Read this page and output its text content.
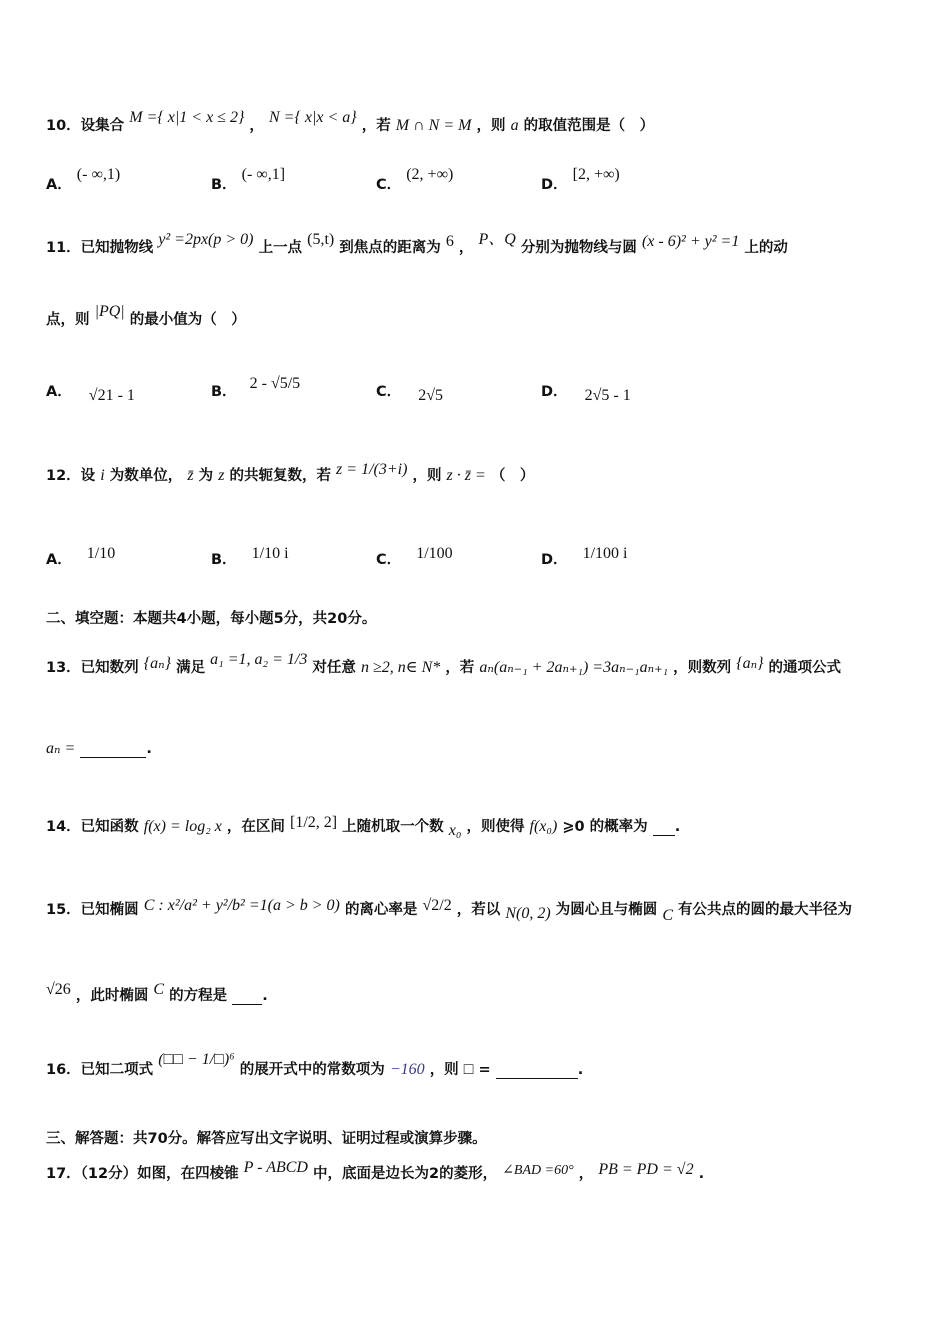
10．设集合 M ={ x|1 < x ≤ 2} ， N ={ x|x < a} ，若 M ∩ N = M ，则 a 的取值范围是（　）
A． (- ∞,1)
B． (- ∞,1]
C． (2, +∞)
D． [2, +∞)
11．已知抛物线 y² =2px(p > 0) 上一点 (5,t) 到焦点的距离为 6 ， P、Q 分别为抛物线与圆 (x - 6)² + y² =1 上的动
点，则 |PQ| 的最小值为（　）
A． √21 - 1	B． 2 - √5/5	C． 2√5	D． 2√5 - 1
12．设 i 为数单位， z̄ 为 z 的共轭复数，若 z = 1/(3+i) ，则 z · z̄ = （　）
A． 1/10	B． 1/10 i	C． 1/100	D． 1/100 i
二、填空题：本题共4小题，每小题5分，共20分。
13．已知数列 {aₙ} 满足 a₁ =1, a₂ = 1/3 对任意 n ≥2, n∈ N* ，若 aₙ(aₙ₋₁ + 2aₙ₊₁) =3aₙ₋₁aₙ₊₁ ，则数列 {aₙ} 的通项公式
aₙ =	.
14．已知函数 f(x) = log₂ x ，在区间 [1/2, 2] 上随机取一个数 x₀ ，则使得 f(x₀) ⩾0 的概率为 .
15．已知椭圆 C : x²/a² + y²/b² =1(a > b > 0) 的离心率是 √2/2 ，若以 N(0, 2) 为圆心且与椭圆 C 有公共点的圆的最大半径为
√26 ，此时椭圆 C 的方程是 .
16．已知二项式 (□□ − 1/□)⁶ 的展开式中的常数项为 −160 ，则 □ =	.
三、解答题：共70分。解答应写出文字说明、证明过程或演算步骤。
17．（12分）如图，在四棱锥 P - ABCD 中，底面是边长为2的菱形， ∠BAD =60° ， PB = PD = √2 .
